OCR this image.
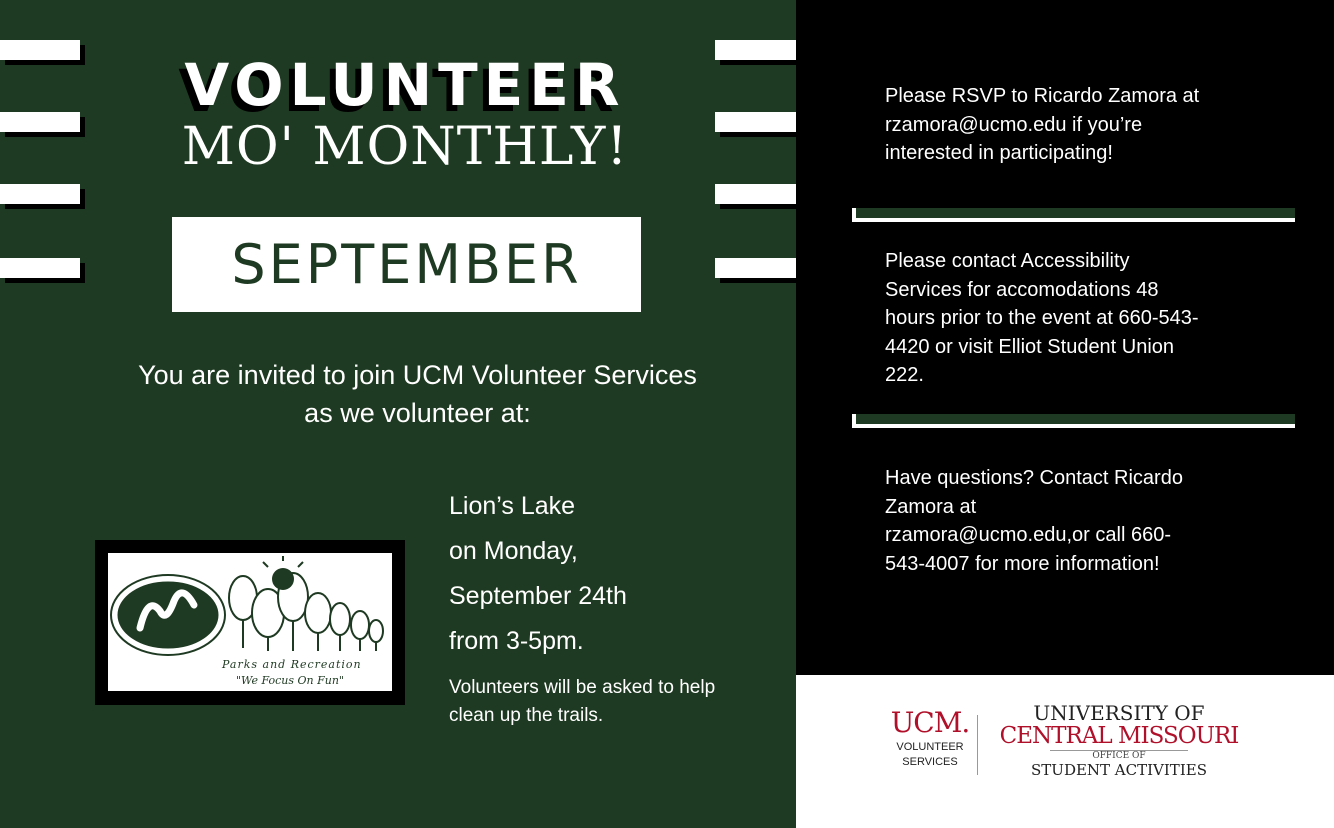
VOLUNTEER
MO' MONTHLY!
SEPTEMBER
You are invited to join UCM Volunteer Services
as we volunteer at:
Parks and Recreation
"We Focus On Fun"
Lion’s Lake
on Monday,
September 24th
from 3-5pm.
Volunteers will be asked to help clean up the trails.
Please RSVP to Ricardo Zamora at rzamora@ucmo.edu if you’re interested in participating!
Please contact Accessibility Services for accomodations 48 hours prior to the event at 660-543-4420 or visit Elliot Student Union 222.
Have questions? Contact Ricardo Zamora at rzamora@ucmo.edu,or call 660-543-4007 for more information!
UCM.
VOLUNTEER
SERVICES
UNIVERSITY OF
CENTRAL MISSOURI
OFFICE OF
STUDENT ACTIVITIES
